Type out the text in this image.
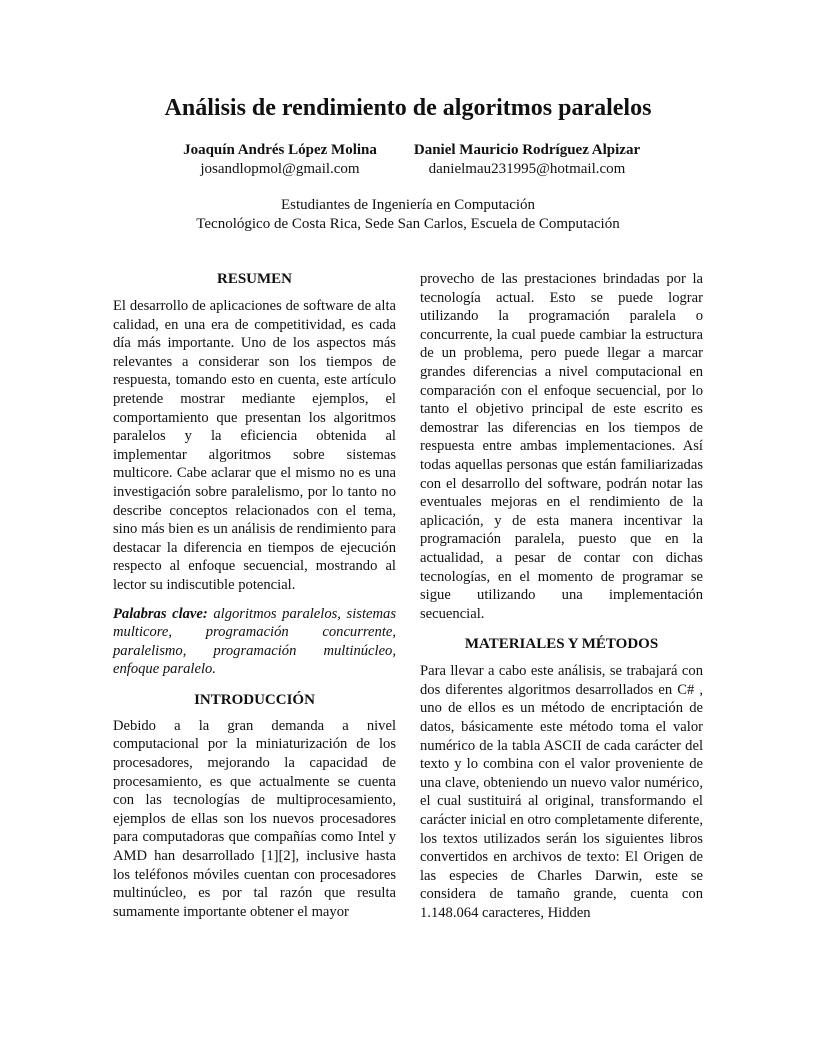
Análisis de rendimiento de algoritmos paralelos
Joaquín Andrés López Molina
josandlopmol@gmail.com
Daniel Mauricio Rodríguez Alpizar
danielmau231995@hotmail.com
Estudiantes de Ingeniería en Computación
Tecnológico de Costa Rica, Sede San Carlos, Escuela de Computación
RESUMEN

El desarrollo de aplicaciones de software de alta calidad, en una era de competitividad, es cada día más importante. Uno de los aspectos más relevantes a considerar son los tiempos de respuesta, tomando esto en cuenta, este artículo pretende mostrar mediante ejemplos, el comportamiento que presentan los algoritmos paralelos y la eficiencia obtenida al implementar algoritmos sobre sistemas multicore. Cabe aclarar que el mismo no es una investigación sobre paralelismo, por lo tanto no describe conceptos relacionados con el tema, sino más bien es un análisis de rendimiento para destacar la diferencia en tiempos de ejecución respecto al enfoque secuencial, mostrando al lector su indiscutible potencial.

Palabras clave: algoritmos paralelos, sistemas multicore, programación concurrente, paralelismo, programación multinúcleo, enfoque paralelo.

INTRODUCCIÓN

Debido a la gran demanda a nivel computacional por la miniaturización de los procesadores, mejorando la capacidad de procesamiento, es que actualmente se cuenta con las tecnologías de multiprocesamiento, ejemplos de ellas son los nuevos procesadores para computadoras que compañías como Intel y AMD han desarrollado [1][2], inclusive hasta los teléfonos móviles cuentan con procesadores multinúcleo, es por tal razón que resulta sumamente importante obtener el mayor

provecho de las prestaciones brindadas por la tecnología actual. Esto se puede lograr utilizando la programación paralela o concurrente, la cual puede cambiar la estructura de un problema, pero puede llegar a marcar grandes diferencias a nivel computacional en comparación con el enfoque secuencial, por lo tanto el objetivo principal de este escrito es demostrar las diferencias en los tiempos de respuesta entre ambas implementaciones. Así todas aquellas personas que están familiarizadas con el desarrollo del software, podrán notar las eventuales mejoras en el rendimiento de la aplicación, y de esta manera incentivar la programación paralela, puesto que en la actualidad, a pesar de contar con dichas tecnologías, en el momento de programar se sigue utilizando una implementación secuencial.

MATERIALES Y MÉTODOS

Para llevar a cabo este análisis, se trabajará con dos diferentes algoritmos desarrollados en C# , uno de ellos es un método de encriptación de datos, básicamente este método toma el valor numérico de la tabla ASCII de cada carácter del texto y lo combina con el valor proveniente de una clave, obteniendo un nuevo valor numérico, el cual sustituirá al original, transformando el carácter inicial en otro completamente diferente, los textos utilizados serán los siguientes libros convertidos en archivos de texto: El Origen de las especies de Charles Darwin, este se considera de tamaño grande, cuenta con 1.148.064 caracteres, Hidden
